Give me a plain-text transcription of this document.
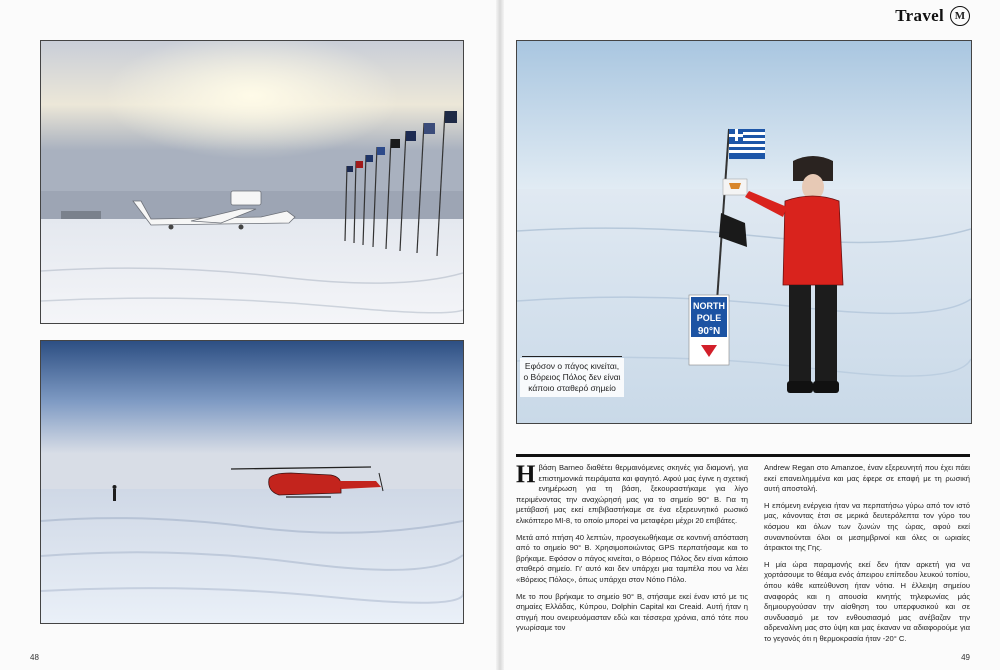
Travel M
NORTH
POLE
90°N
Εφόσον ο πάγος κινείται,
ο Βόρειος Πόλος δεν είναι
κάποιο σταθερό σημείο

Η βάση Barneo διαθέτει θερμαινόμενες σκηνές για διαμονή, για επιστημονικά πειράματα και φαγητό. Αφού μας έγινε η σχετική ενημέρωση για τη βάση, ξεκουραστήκαμε για λίγο περιμένοντας την αναχώρησή μας για το σημείο 90° Β. Για τη μετάβασή μας εκεί επιβιβαστήκαμε σε ένα εξερευνητικό ρωσικό ελικόπτερο ΜΙ-8, το οποίο μπορεί να μεταφέρει μέχρι 20 επιβάτες.

Μετά από πτήση 40 λεπτών, προσγειωθήκαμε σε κοντινή απόσταση από το σημείο 90° Β. Χρησιμοποιώντας GPS περπατήσαμε και το βρήκαμε. Εφόσον ο πάγος κινείται, ο Βόρειος Πόλος δεν είναι κάποιο σταθερό σημείο. Γι' αυτό και δεν υπάρχει μια ταμπέλα που να λέει «Βόρειος Πόλος», όπως υπάρχει στον Νότιο Πόλο.

Με το που βρήκαμε το σημείο 90° Β, στήσαμε εκεί έναν ιστό με τις σημαίες Ελλάδας, Κύπρου, Dolphin Capital και Creaid. Αυτή ήταν η στιγμή που ονειρευόμασταν εδώ και τέσσερα χρόνια, από τότε που γνωρίσαμε τον

Andrew Regan στο Amanzoe, έναν εξερευνητή που έχει πάει εκεί επανειλημμένα και μας έφερε σε επαφή με τη ρωσική αυτή αποστολή.

Η επόμενη ενέργεια ήταν να περπατήσω γύρω από τον ιστό μας, κάνοντας έτσι σε μερικά δευτερόλεπτα τον γύρο του κόσμου και όλων των ζωνών της ώρας, αφού εκεί συναντιούνται όλοι οι μεσημβρινοί και όλες οι ωριαίες άτρακτοι της Γης.

Η μία ώρα παραμονής εκεί δεν ήταν αρκετή για να χορτάσουμε το θέαμα ενός άπειρου επίπεδου λευκού τοπίου, όπου κάθε κατεύθυνση ήταν νότια. Η έλλειψη σημείου αναφοράς και η απουσία κινητής τηλεφωνίας μάς δημιουργούσαν την αίσθηση του υπερφυσικού και σε συνδυασμό με τον ενθουσιασμό μας ανέβαζαν την αδρεναλίνη μας στο ύψη και μας έκαναν να αδιαφορούμε για το γεγονός ότι η θερμοκρασία ήταν -20° C.

48	49
